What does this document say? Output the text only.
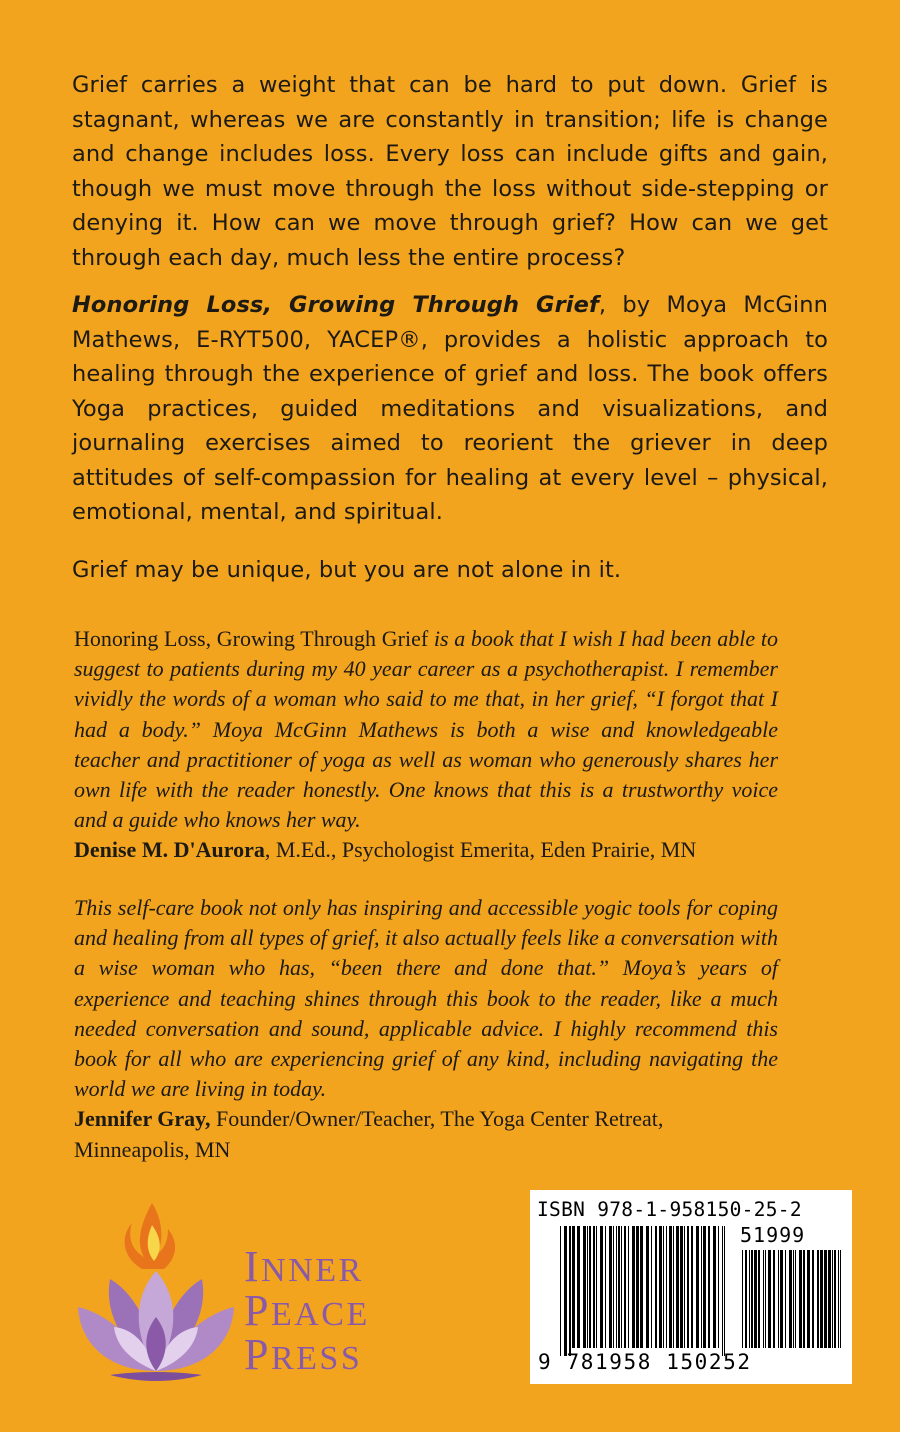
Grief carries a weight that can be hard to put down. Grief is stagnant, whereas we are constantly in transition; life is change and change includes loss. Every loss can include gifts and gain, though we must move through the loss without side-stepping or denying it. How can we move through grief? How can we get through each day, much less the entire process?

Honoring Loss, Growing Through Grief, by Moya McGinn Mathews, E-RYT500, YACEP®, provides a holistic approach to healing through the experience of grief and loss. The book offers Yoga practices, guided meditations and visualizations, and journaling exercises aimed to reorient the griever in deep attitudes of self-compassion for healing at every level – physical, emotional, mental, and spiritual.

Grief may be unique, but you are not alone in it.

Honoring Loss, Growing Through Grief is a book that I wish I had been able to suggest to patients during my 40 year career as a psychotherapist. I remember vividly the words of a woman who said to me that, in her grief, “I forgot that I had a body.” Moya McGinn Mathews is both a wise and knowledgeable teacher and practitioner of yoga as well as woman who generously shares her own life with the reader honestly. One knows that this is a trustworthy voice and a guide who knows her way.
Denise M. D'Aurora, M.Ed., Psychologist Emerita, Eden Prairie, MN

This self-care book not only has inspiring and accessible yogic tools for coping and healing from all types of grief, it also actually feels like a conversation with a wise woman who has, “been there and done that.” Moya’s years of experience and teaching shines through this book to the reader, like a much needed conversation and sound, applicable advice. I highly recommend this book for all who are experiencing grief of any kind, including navigating the world we are living in today.
Jennifer Gray, Founder/Owner/Teacher, The Yoga Center Retreat, Minneapolis, MN

INNER
PEACE
PRESS
ISBN 978-1-958150-25-2
51999
9 781958 150252
